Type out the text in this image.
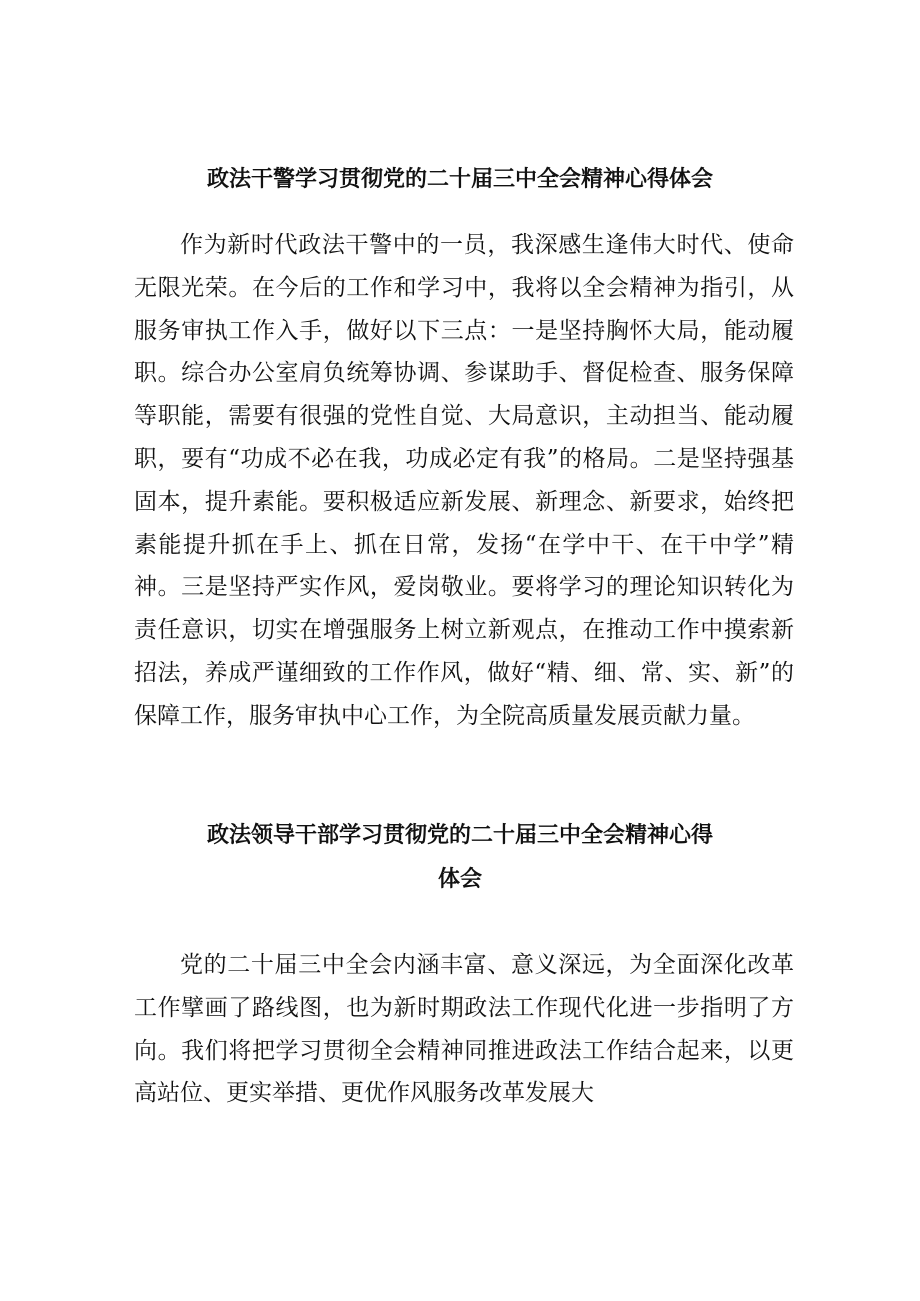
政法干警学习贯彻党的二十届三中全会精神心得体会

作为新时代政法干警中的一员，我深感生逢伟大时代、使命无限光荣。在今后的工作和学习中，我将以全会精神为指引，从服务审执工作入手，做好以下三点：一是坚持胸怀大局，能动履职。综合办公室肩负统筹协调、参谋助手、督促检查、服务保障等职能，需要有很强的党性自觉、大局意识，主动担当、能动履职，要有“功成不必在我，功成必定有我”的格局。二是坚持强基固本，提升素能。要积极适应新发展、新理念、新要求，始终把素能提升抓在手上、抓在日常，发扬“在学中干、在干中学”精神。三是坚持严实作风，爱岗敬业。要将学习的理论知识转化为责任意识，切实在增强服务上树立新观点，在推动工作中摸索新招法，养成严谨细致的工作作风，做好“精、细、常、实、新”的保障工作，服务审执中心工作，为全院高质量发展贡献力量。

政法领导干部学习贯彻党的二十届三中全会精神心得
体会

党的二十届三中全会内涵丰富、意义深远，为全面深化改革工作擘画了路线图，也为新时期政法工作现代化进一步指明了方向。我们将把学习贯彻全会精神同推进政法工作结合起来，以更高站位、更实举措、更优作风服务改革发展大
